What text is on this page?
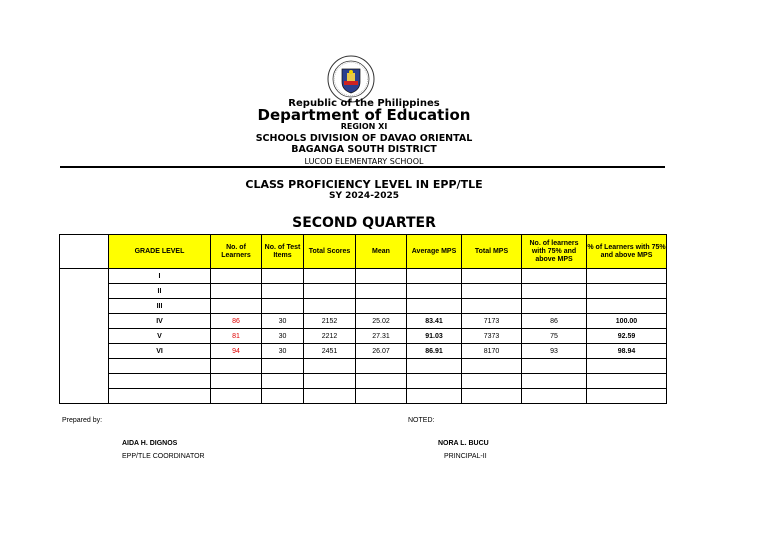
Republic of the Philippines
Department of Education
REGION XI
SCHOOLS DIVISION OF DAVAO ORIENTAL
BAGANGA SOUTH DISTRICT
LUCOD ELEMENTARY SCHOOL
CLASS PROFICIENCY LEVEL IN EPP/TLE
SY 2024-2025
SECOND QUARTER
	GRADE LEVEL	No. of Learners	No. of Test Items	Total Scores	Mean	Average MPS	Total MPS	No. of learners with 75% and above MPS	% of Learners with 75% and above MPS
	I								
	II								
	III								
	IV	86	30	2152	25.02	83.41	7173	86	100.00
	V	81	30	2212	27.31	91.03	7373	75	92.59
	VI	94	30	2451	26.07	86.91	8170	93	98.94

Prepared by:	NOTED:
AIDA H. DIGNOS
EPP/TLE COORDINATOR
NORA L. BUCU
PRINCIPAL-II
